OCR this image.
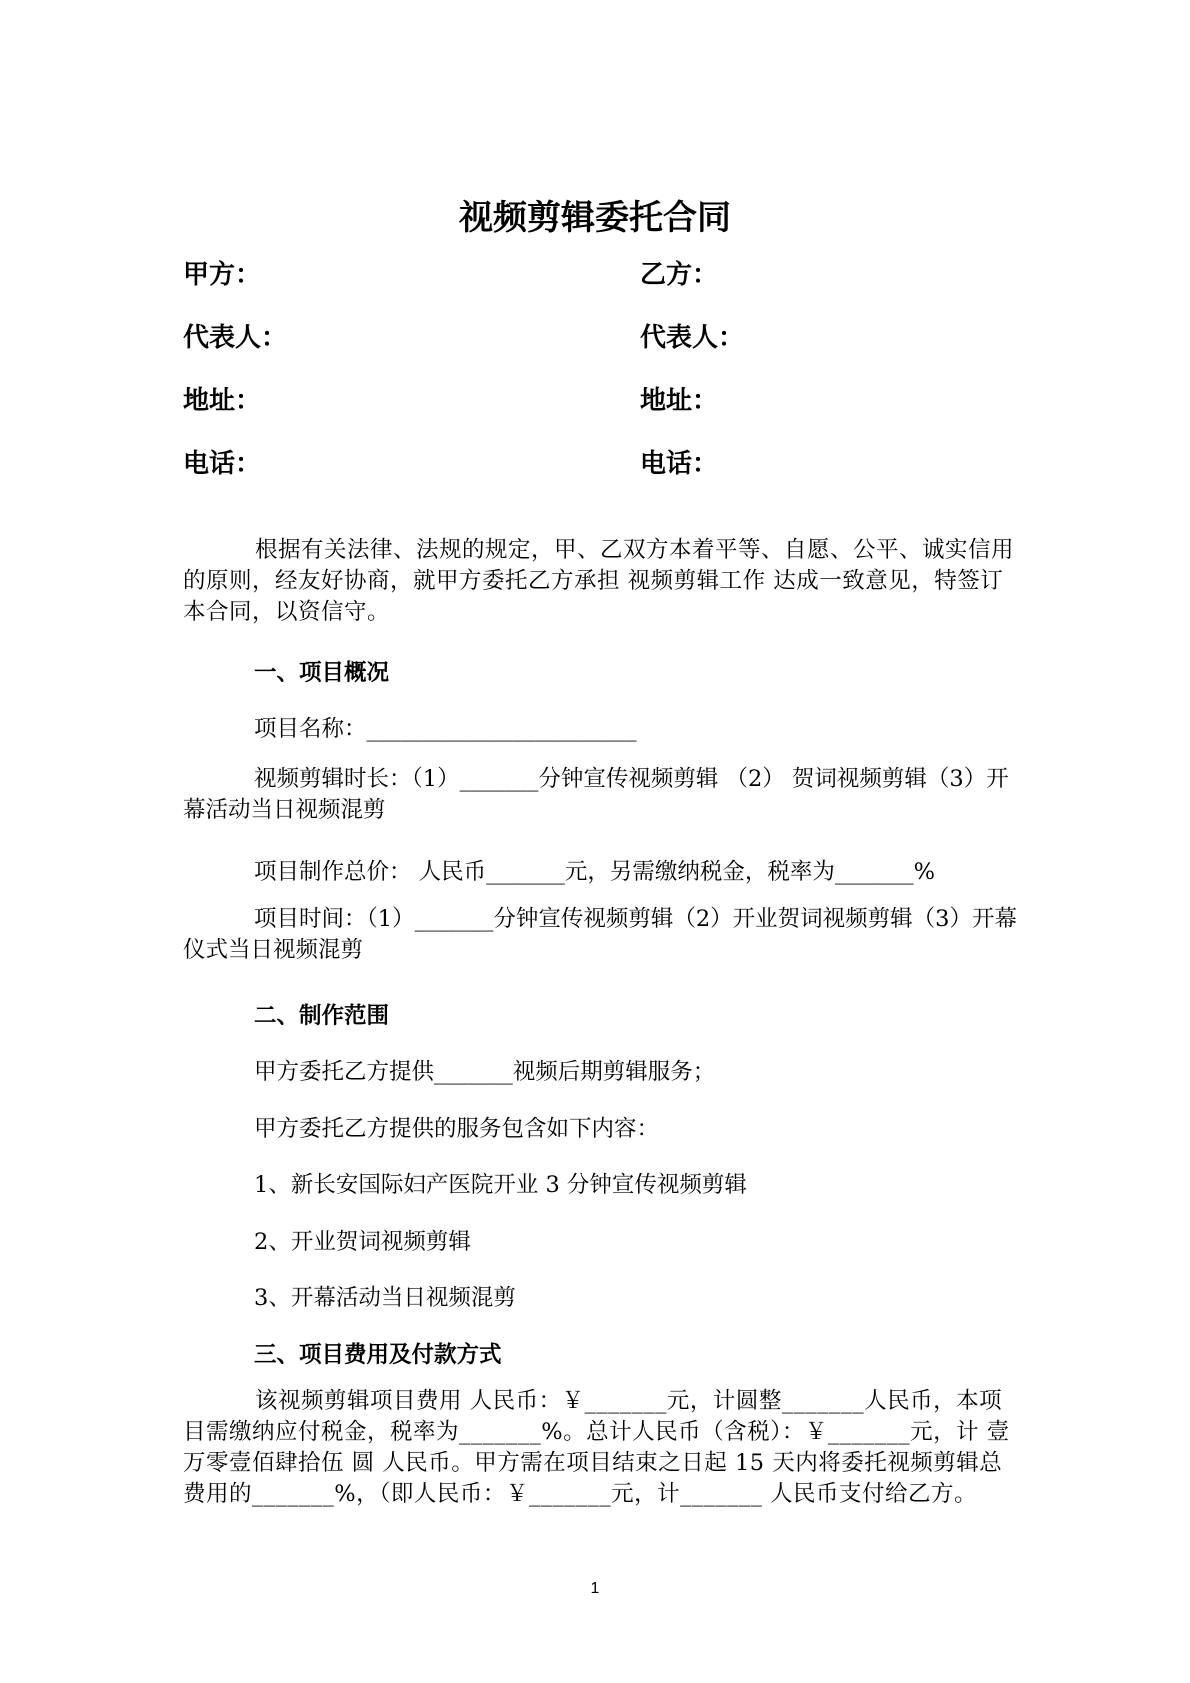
视频剪辑委托合同
甲方：	乙方：
代表人：	代表人：
地址：	地址：
电话：	电话：
根据有关法律、法规的规定，甲、乙双方本着平等、自愿、公平、诚实信用的原则，经友好协商，就甲方委托乙方承担 视频剪辑工作 达成一致意见，特签订本合同，以资信守。
一、项目概况
项目名称：________________________
视频剪辑时长：（1）_______分钟宣传视频剪辑 （2） 贺词视频剪辑（3）开幕活动当日视频混剪
项目制作总价： 人民币_______元，另需缴纳税金，税率为_______%
项目时间：（1）_______分钟宣传视频剪辑（2）开业贺词视频剪辑（3）开幕仪式当日视频混剪
二、制作范围
甲方委托乙方提供_______视频后期剪辑服务；
甲方委托乙方提供的服务包含如下内容：
1、新长安国际妇产医院开业 3 分钟宣传视频剪辑
2、开业贺词视频剪辑
3、开幕活动当日视频混剪
三、项目费用及付款方式
该视频剪辑项目费用 人民币：￥_______元，计圆整_______人民币，本项目需缴纳应付税金，税率为_______%。总计人民币（含税）：￥_______元，计 壹万零壹佰肆拾伍 圆 人民币。甲方需在项目结束之日起 15 天内将委托视频剪辑总费用的_______%，（即人民币：￥_______元，计_______ 人民币支付给乙方。
1
